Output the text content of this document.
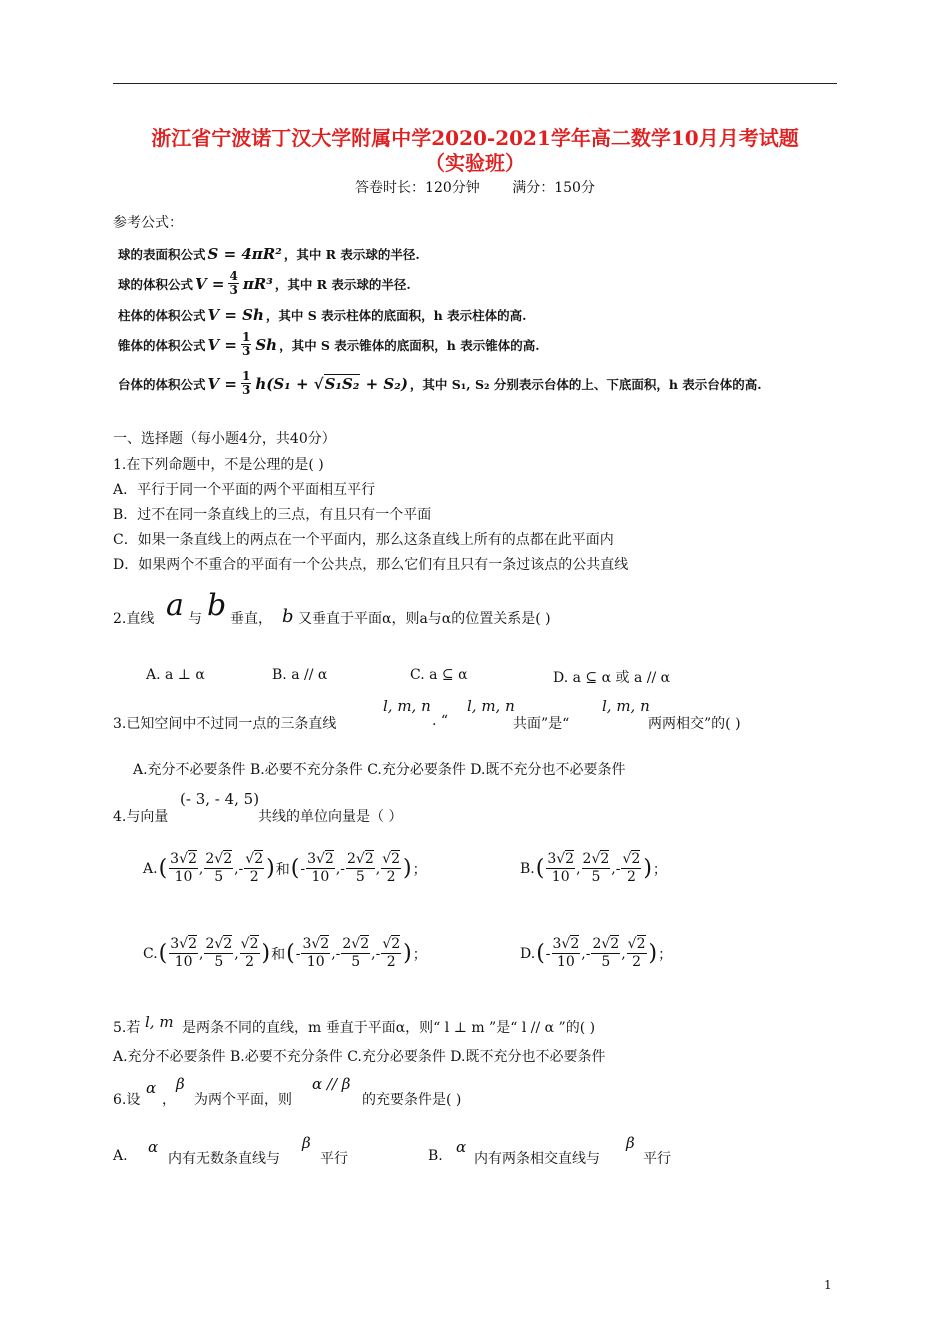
浙江省宁波诺丁汉大学附属中学2020-2021学年高二数学10月月考试题
（实验班）
答卷时长：120分钟 满分：150分
参考公式：
球的表面积公式 S = 4πR² ，其中 R 表示球的半径.
球的体积公式 $V = \frac{4}{3} \pi R^3$ ，其中 R 表示球的半径.
柱体的体积公式 V = Sh ，其中 S 表示柱体的底面积，h 表示柱体的高.
锥体的体积公式 $V = \frac{1}{3}$ Sh ，其中 S 表示锥体的底面积，h 表示锥体的高.
台体的体积公式 $V = \frac{1}{3} h(S_1 + √S_1S_2 + S_2)$ ，其中 S₁, S₂ 分别表示台体的上、下底面积，h 表示台体的高.
一、选择题（每小题4分，共40分）
1.在下列命题中，不是公理的是( )
A．平行于同一个平面的两个平面相互平行
B．过不在同一条直线上的三点，有且只有一个平面
C．如果一条直线上的两点在一个平面内，那么这条直线上所有的点都在此平面内
D．如果两个不重合的平面有一个公共点，那么它们有且只有一条过该点的公共直线
2.直线 a 与 b 垂直， b 又垂直于平面α，则a与α的位置关系是( )
A. a ⊥ α	B. a // α	C. a ⊆ α	D. a ⊆ α 或 a // α
3.已知空间中不过同一点的三条直线
l, m, n
. “
l, m, n
共面”是“
l, m, n
两两相交”的( )
A.充分不必要条件 B.必要不充分条件 C.充分必要条件 D.既不充分也不必要条件
4.与向量
(- 3, - 4, 5)
共线的单位向量是（ ）
A. ( 3√2
10
,
2√2
5
,-
√2
2 ) 和 ( -
3√2
10
,-
2√2
5
,
√2
2 ) ；	B. ( 3√2
10
,
2√2
5
,-
√2
2 ) ；
C. ( 3√2
10
,
2√2
5
,
√2
2 ) 和 ( -
3√2
10
,-
2√2
5
,-
√2
2 ) ；	D. ( -
3√2
10
,-
2√2
5
,
√2
2 ) ；
5.若 l, m 是两条不同的直线，m 垂直于平面α，则“ l ⊥ m ”是“ l // α ”的( )
A.充分不必要条件 B.必要不充分条件 C.充分必要条件 D.既不充分也不必要条件
6.设
α
，
β
为两个平面，则
α // β
的充要条件是( )
A. α
内有无数条直线与
β
平行	B. α
内有两条相交直线与
β
平行
1
